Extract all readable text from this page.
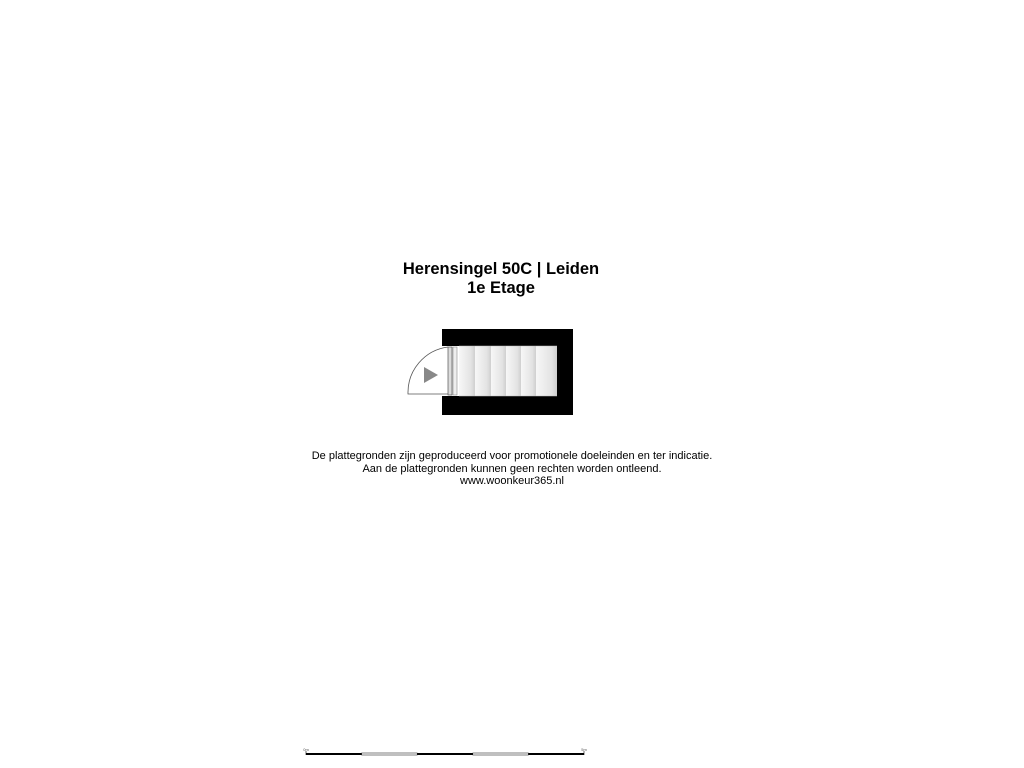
Herensingel 50C | Leiden
1e Etage
De plattegronden zijn geproduceerd voor promotionele doeleinden en ter indicatie.
Aan de plattegronden kunnen geen rechten worden ontleend.
www.woonkeur365.nl
0m	5m
